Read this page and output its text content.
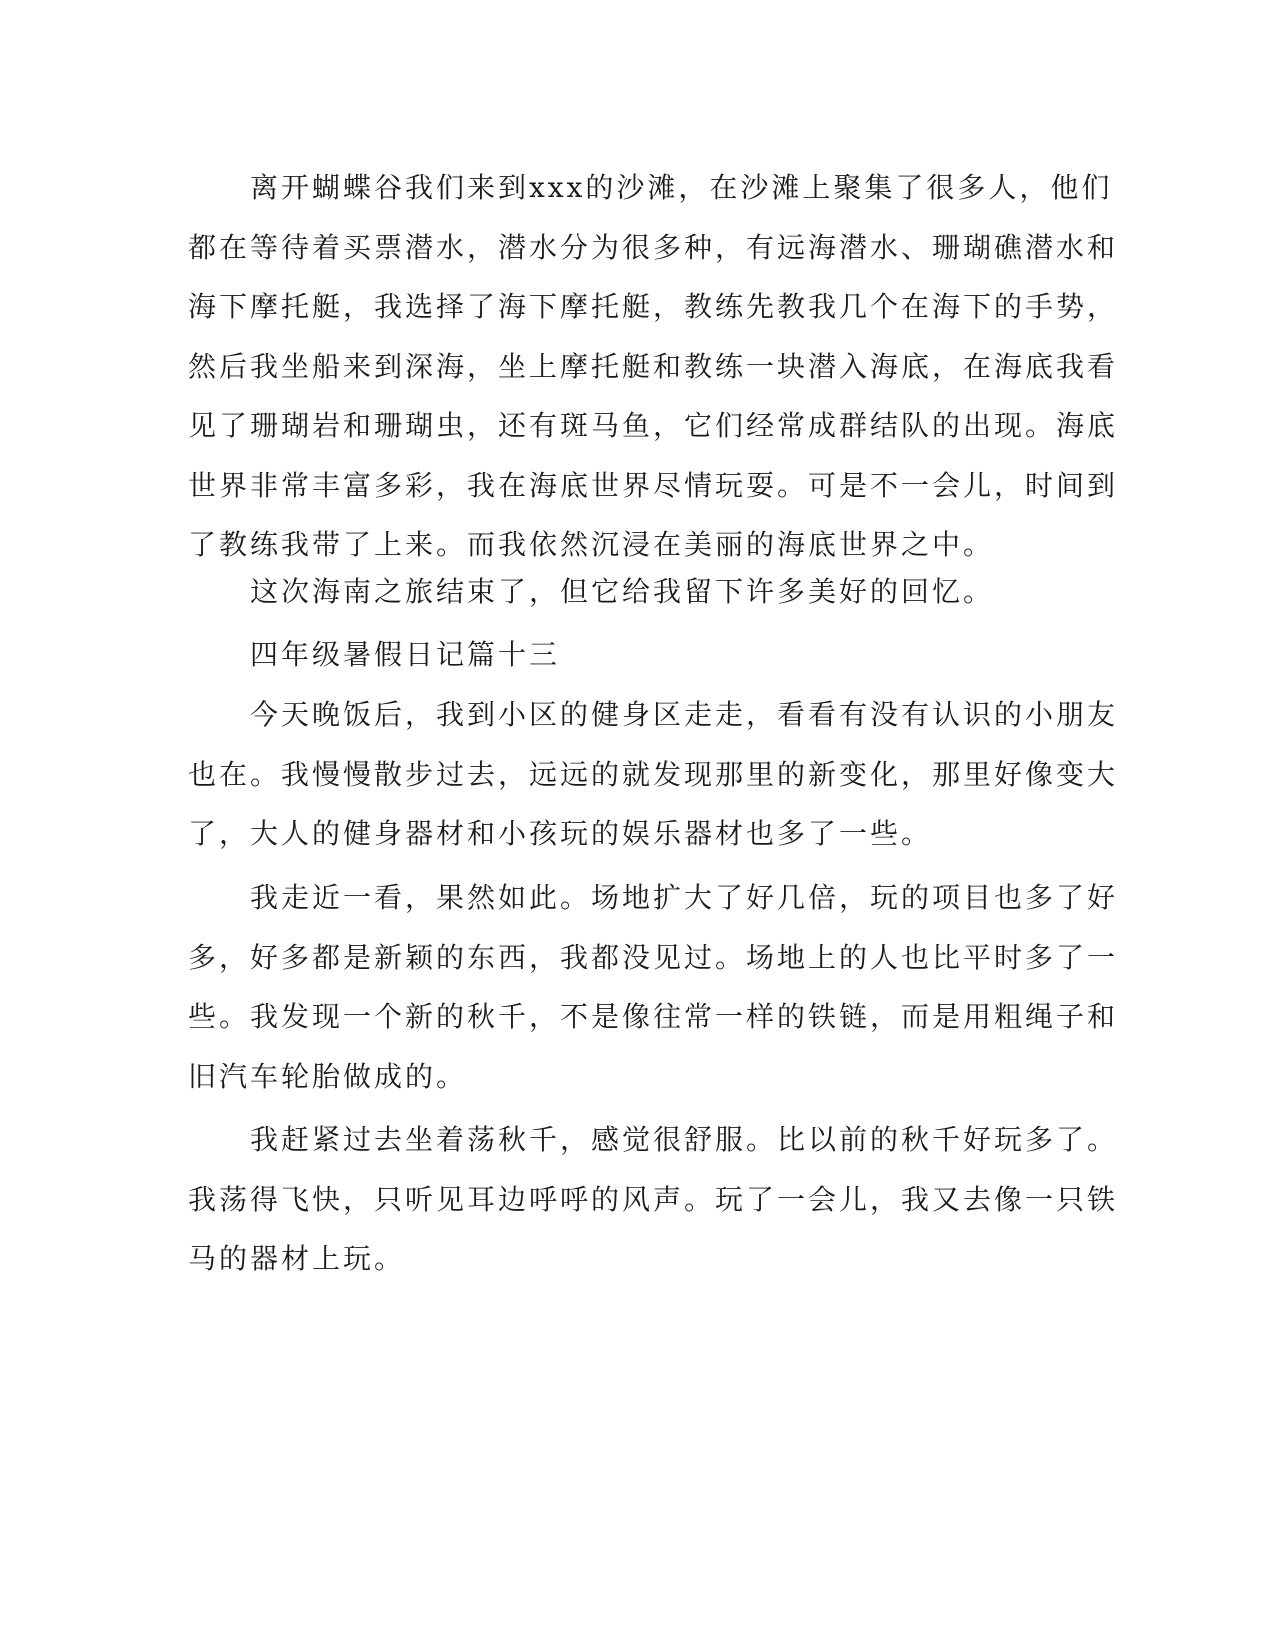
　　离开蝴蝶谷我们来到xxx的沙滩，在沙滩上聚集了很多人，他们
都在等待着买票潜水，潜水分为很多种，有远海潜水、珊瑚礁潜水和
海下摩托艇，我选择了海下摩托艇，教练先教我几个在海下的手势，
然后我坐船来到深海，坐上摩托艇和教练一块潜入海底，在海底我看
见了珊瑚岩和珊瑚虫，还有斑马鱼，它们经常成群结队的出现。海底
世界非常丰富多彩，我在海底世界尽情玩耍。可是不一会儿，时间到
了教练我带了上来。而我依然沉浸在美丽的海底世界之中。
　　这次海南之旅结束了，但它给我留下许多美好的回忆。
　　四年级暑假日记篇十三
　　今天晚饭后，我到小区的健身区走走，看看有没有认识的小朋友
也在。我慢慢散步过去，远远的就发现那里的新变化，那里好像变大
了，大人的健身器材和小孩玩的娱乐器材也多了一些。
　　我走近一看，果然如此。场地扩大了好几倍，玩的项目也多了好
多，好多都是新颖的东西，我都没见过。场地上的人也比平时多了一
些。我发现一个新的秋千，不是像往常一样的铁链，而是用粗绳子和
旧汽车轮胎做成的。
　　我赶紧过去坐着荡秋千，感觉很舒服。比以前的秋千好玩多了。
我荡得飞快，只听见耳边呼呼的风声。玩了一会儿，我又去像一只铁
马的器材上玩。
